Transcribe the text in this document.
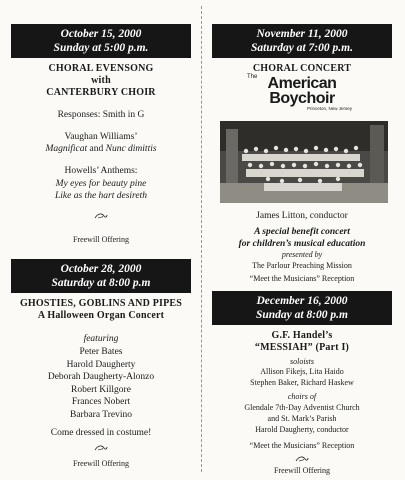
October 15, 2000
Sunday at 5:00 p.m.
CHORAL EVENSONG
with
CANTERBURY CHOIR
Responses: Smith in G
Vaughan Williams’
Magnificat and Nunc dimittis
Howells’ Anthems:
My eyes for beauty pine
Like as the hart desireth
Freewill Offering
October 28, 2000
Saturday at 8:00 p.m
GHOSTIES, GOBLINS AND PIPES
A Halloween Organ Concert
featuring
Peter Bates
Harold Daugherty
Deborah Daugherty-Alonzo
Robert Killgore
Frances Nobert
Barbara Trevino
Come dressed in costume!
Freewill Offering
November 11, 2000
Saturday at 7:00 p.m.
CHORAL CONCERT
The American
Boychoir
Princeton, New Jersey
James Litton, conductor
A special benefit concert
for children’s musical education
presented by
The Parlour Preaching Mission
“Meet the Musicians” Reception
December 16, 2000
Sunday at 8:00 p.m
G.F. Handel’s
“MESSIAH” (Part I)
soloists
Allison Fikejs, Lita Haido
Stephen Baker, Richard Haskew
choirs of
Glendale 7th-Day Adventist Church
and St. Mark’s Parish
Harold Daugherty, conductor
“Meet the Musicians” Reception
Freewill Offering
